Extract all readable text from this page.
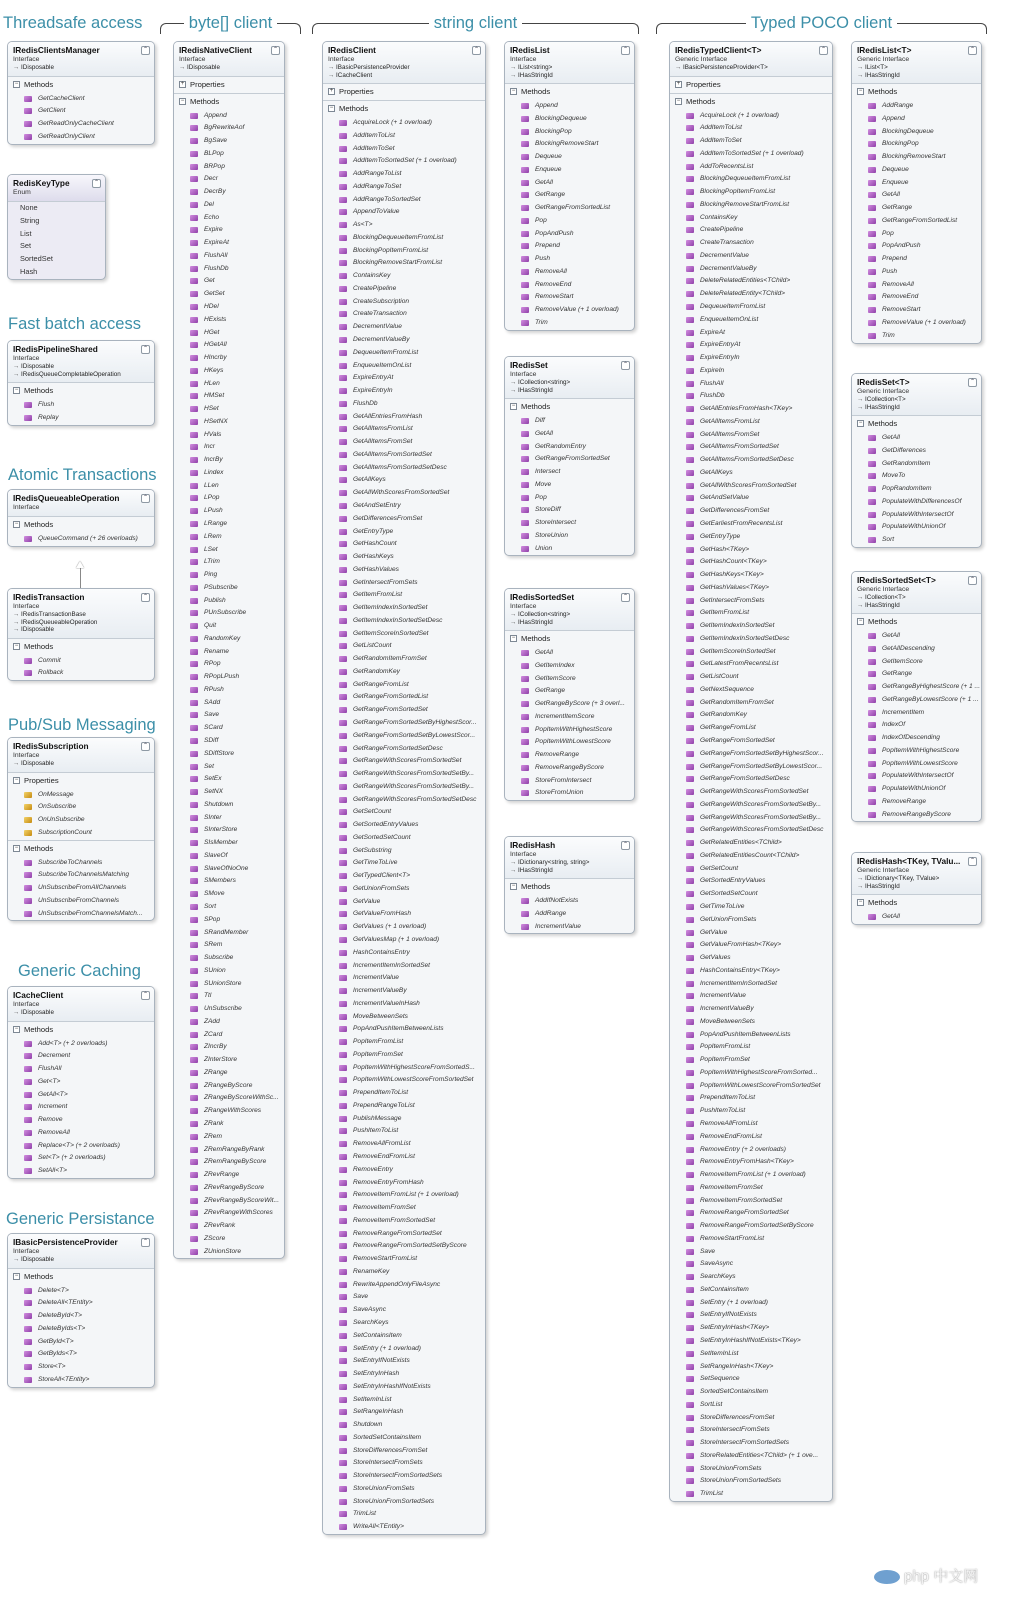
Threadsafe access
Fast batch access
Atomic Transactions
Pub/Sub Messaging
Generic Caching
Generic Persistance
byte[] client	string client	Typed POCO client
IRedisClientsManager
Interface
→ IDisposable
⌃
− Methods
GetCacheClient
GetClient
GetReadOnlyCacheClient
GetReadOnlyClient
RedisKeyType
Enum
⌃
None
String
List
Set
SortedSet
Hash
IRedisPipelineShared
Interface
→ IDisposable
→ IRedisQueueCompletableOperation
⌃
− Methods
Flush
Replay
IRedisQueueableOperation
Interface
⌃
− Methods
QueueCommand (+ 26 overloads)
IRedisTransaction
Interface
→ IRedisTransactionBase
→ IRedisQueueableOperation
→ IDisposable
⌃
− Methods
Commit
Rollback
IRedisSubscription
Interface
→ IDisposable
⌃
− Properties
OnMessage
OnSubscribe
OnUnSubscribe
SubscriptionCount
− Methods
SubscribeToChannels
SubscribeToChannelsMatching
UnSubscribeFromAllChannels
UnSubscribeFromChannels
UnSubscribeFromChannelsMatch...
ICacheClient
Interface
→ IDisposable
⌃
− Methods
Add<T> (+ 2 overloads)
Decrement
FlushAll
Get<T>
GetAll<T>
Increment
Remove
RemoveAll
Replace<T> (+ 2 overloads)
Set<T> (+ 2 overloads)
SetAll<T>
IBasicPersistenceProvider
Interface
→ IDisposable
⌃
− Methods
Delete<T>
DeleteAll<TEntity>
DeleteById<T>
DeleteByIds<T>
GetById<T>
GetByIds<T>
Store<T>
StoreAll<TEntity>
IRedisNativeClient
Interface
→ IDisposable
⌃
+ Properties
− Methods
Append
BgRewriteAof
BgSave
BLPop
BRPop
Decr
DecrBy
Del
Echo
Expire
ExpireAt
FlushAll
FlushDb
Get
GetSet
HDel
HExists
HGet
HGetAll
HIncrby
HKeys
HLen
HMSet
HSet
HSetNX
HVals
Incr
IncrBy
Lindex
LLen
LPop
LPush
LRange
LRem
LSet
LTrim
Ping
PSubscribe
Publish
PUnSubscribe
Quit
RandomKey
Rename
RPop
RPopLPush
RPush
SAdd
Save
SCard
SDiff
SDiffStore
Set
SetEx
SetNX
Shutdown
SInter
SInterStore
SIsMember
SlaveOf
SlaveOfNoOne
SMembers
SMove
Sort
SPop
SRandMember
SRem
Subscribe
SUnion
SUnionStore
Ttl
UnSubscribe
ZAdd
ZCard
ZIncrBy
ZInterStore
ZRange
ZRangeByScore
ZRangeByScoreWithSc...
ZRangeWithScores
ZRank
ZRem
ZRemRangeByRank
ZRemRangeByScore
ZRevRange
ZRevRangeByScore
ZRevRangeByScoreWit...
ZRevRangeWithScores
ZRevRank
ZScore
ZUnionStore
IRedisClient
Interface
→ IBasicPersistenceProvider
→ ICacheClient
⌃
+ Properties
− Methods
AcquireLock (+ 1 overload)
AddItemToList
AddItemToSet
AddItemToSortedSet (+ 1 overload)
AddRangeToList
AddRangeToSet
AddRangeToSortedSet
AppendToValue
As<T>
BlockingDequeueItemFromList
BlockingPopItemFromList
BlockingRemoveStartFromList
ContainsKey
CreatePipeline
CreateSubscription
CreateTransaction
DecrementValue
DecrementValueBy
DequeueItemFromList
EnqueueItemOnList
ExpireEntryAt
ExpireEntryIn
FlushDb
GetAllEntriesFromHash
GetAllItemsFromList
GetAllItemsFromSet
GetAllItemsFromSortedSet
GetAllItemsFromSortedSetDesc
GetAllKeys
GetAllWithScoresFromSortedSet
GetAndSetEntry
GetDifferencesFromSet
GetEntryType
GetHashCount
GetHashKeys
GetHashValues
GetIntersectFromSets
GetItemFromList
GetItemIndexInSortedSet
GetItemIndexInSortedSetDesc
GetItemScoreInSortedSet
GetListCount
GetRandomItemFromSet
GetRandomKey
GetRangeFromList
GetRangeFromSortedList
GetRangeFromSortedSet
GetRangeFromSortedSetByHighestScor...
GetRangeFromSortedSetByLowestScor...
GetRangeFromSortedSetDesc
GetRangeWithScoresFromSortedSet
GetRangeWithScoresFromSortedSetBy...
GetRangeWithScoresFromSortedSetBy...
GetRangeWithScoresFromSortedSetDesc
GetSetCount
GetSortedEntryValues
GetSortedSetCount
GetSubstring
GetTimeToLive
GetTypedClient<T>
GetUnionFromSets
GetValue
GetValueFromHash
GetValues (+ 1 overload)
GetValuesMap (+ 1 overload)
HashContainsEntry
IncrementItemInSortedSet
IncrementValue
IncrementValueBy
IncrementValueInHash
MoveBetweenSets
PopAndPushItemBetweenLists
PopItemFromList
PopItemFromSet
PopItemWithHighestScoreFromSortedS...
PopItemWithLowestScoreFromSortedSet
PrependItemToList
PrependRangeToList
PublishMessage
PushItemToList
RemoveAllFromList
RemoveEndFromList
RemoveEntry
RemoveEntryFromHash
RemoveItemFromList (+ 1 overload)
RemoveItemFromSet
RemoveItemFromSortedSet
RemoveRangeFromSortedSet
RemoveRangeFromSortedSetByScore
RemoveStartFromList
RenameKey
RewriteAppendOnlyFileAsync
Save
SaveAsync
SearchKeys
SetContainsItem
SetEntry (+ 1 overload)
SetEntryIfNotExists
SetEntryInHash
SetEntryInHashIfNotExists
SetItemInList
SetRangeInHash
Shutdown
SortedSetContainsItem
StoreDifferencesFromSet
StoreIntersectFromSets
StoreIntersectFromSortedSets
StoreUnionFromSets
StoreUnionFromSortedSets
TrimList
WriteAll<TEntity>
IRedisList
Interface
→ IList<string>
→ IHasStringId
⌃
− Methods
Append
BlockingDequeue
BlockingPop
BlockingRemoveStart
Dequeue
Enqueue
GetAll
GetRange
GetRangeFromSortedList
Pop
PopAndPush
Prepend
Push
RemoveAll
RemoveEnd
RemoveStart
RemoveValue (+ 1 overload)
Trim
IRedisSet
Interface
→ ICollection<string>
→ IHasStringId
⌃
− Methods
Diff
GetAll
GetRandomEntry
GetRangeFromSortedSet
Intersect
Move
Pop
StoreDiff
StoreIntersect
StoreUnion
Union
IRedisSortedSet
Interface
→ ICollection<string>
→ IHasStringId
⌃
− Methods
GetAll
GetItemIndex
GetItemScore
GetRange
GetRangeByScore (+ 3 overl...
IncrementItemScore
PopItemWithHighestScore
PopItemWithLowestScore
RemoveRange
RemoveRangeByScore
StoreFromIntersect
StoreFromUnion
IRedisHash
Interface
→ IDictionary<string, string>
→ IHasStringId
⌃
− Methods
AddIfNotExists
AddRange
IncrementValue
IRedisTypedClient<T>
Generic Interface
→ IBasicPersistenceProvider<T>
⌃
+ Properties
− Methods
AcquireLock (+ 1 overload)
AddItemToList
AddItemToSet
AddItemToSortedSet (+ 1 overload)
AddToRecentsList
BlockingDequeueItemFromList
BlockingPopItemFromList
BlockingRemoveStartFromList
ContainsKey
CreatePipeline
CreateTransaction
DecrementValue
DecrementValueBy
DeleteRelatedEntities<TChild>
DeleteRelatedEntity<TChild>
DequeueItemFromList
EnqueueItemOnList
ExpireAt
ExpireEntryAt
ExpireEntryIn
ExpireIn
FlushAll
FlushDb
GetAllEntriesFromHash<TKey>
GetAllItemsFromList
GetAllItemsFromSet
GetAllItemsFromSortedSet
GetAllItemsFromSortedSetDesc
GetAllKeys
GetAllWithScoresFromSortedSet
GetAndSetValue
GetDifferencesFromSet
GetEarliestFromRecentsList
GetEntryType
GetHash<TKey>
GetHashCount<TKey>
GetHashKeys<TKey>
GetHashValues<TKey>
GetIntersectFromSets
GetItemFromList
GetItemIndexInSortedSet
GetItemIndexInSortedSetDesc
GetItemScoreInSortedSet
GetLatestFromRecentsList
GetListCount
GetNextSequence
GetRandomItemFromSet
GetRandomKey
GetRangeFromList
GetRangeFromSortedSet
GetRangeFromSortedSetByHighestScor...
GetRangeFromSortedSetByLowestScor...
GetRangeFromSortedSetDesc
GetRangeWithScoresFromSortedSet
GetRangeWithScoresFromSortedSetBy...
GetRangeWithScoresFromSortedSetBy...
GetRangeWithScoresFromSortedSetDesc
GetRelatedEntities<TChild>
GetRelatedEntitiesCount<TChild>
GetSetCount
GetSortedEntryValues
GetSortedSetCount
GetTimeToLive
GetUnionFromSets
GetValue
GetValueFromHash<TKey>
GetValues
HashContainsEntry<TKey>
IncrementItemInSortedSet
IncrementValue
IncrementValueBy
MoveBetweenSets
PopAndPushItemBetweenLists
PopItemFromList
PopItemFromSet
PopItemWithHighestScoreFromSorted...
PopItemWithLowestScoreFromSortedSet
PrependItemToList
PushItemToList
RemoveAllFromList
RemoveEndFromList
RemoveEntry (+ 2 overloads)
RemoveEntryFromHash<TKey>
RemoveItemFromList (+ 1 overload)
RemoveItemFromSet
RemoveItemFromSortedSet
RemoveRangeFromSortedSet
RemoveRangeFromSortedSetByScore
RemoveStartFromList
Save
SaveAsync
SearchKeys
SetContainsItem
SetEntry (+ 1 overload)
SetEntryIfNotExists
SetEntryInHash<TKey>
SetEntryInHashIfNotExists<TKey>
SetItemInList
SetRangeInHash<TKey>
SetSequence
SortedSetContainsItem
SortList
StoreDifferencesFromSet
StoreIntersectFromSets
StoreIntersectFromSortedSets
StoreRelatedEntities<TChild> (+ 1 ove...
StoreUnionFromSets
StoreUnionFromSortedSets
TrimList
IRedisList<T>
Generic Interface
→ IList<T>
→ IHasStringId
⌃
− Methods
AddRange
Append
BlockingDequeue
BlockingPop
BlockingRemoveStart
Dequeue
Enqueue
GetAll
GetRange
GetRangeFromSortedList
Pop
PopAndPush
Prepend
Push
RemoveAll
RemoveEnd
RemoveStart
RemoveValue (+ 1 overload)
Trim
IRedisSet<T>
Generic Interface
→ ICollection<T>
→ IHasStringId
⌃
− Methods
GetAll
GetDifferences
GetRandomItem
MoveTo
PopRandomItem
PopulateWithDifferencesOf
PopulateWithIntersectOf
PopulateWithUnionOf
Sort
IRedisSortedSet<T>
Generic Interface
→ ICollection<T>
→ IHasStringId
⌃
− Methods
GetAll
GetAllDescending
GetItemScore
GetRange
GetRangeByHighestScore (+ 1 ...
GetRangeByLowestScore (+ 1 ...
IncrementItem
IndexOf
IndexOfDescending
PopItemWithHighestScore
PopItemWithLowestScore
PopulateWithIntersectOf
PopulateWithUnionOf
RemoveRange
RemoveRangeByScore
IRedisHash<TKey, TValu...
Generic Interface
→ IDictionary<TKey, TValue>
→ IHasStringId
⌃
− Methods
GetAll
php 中文网
